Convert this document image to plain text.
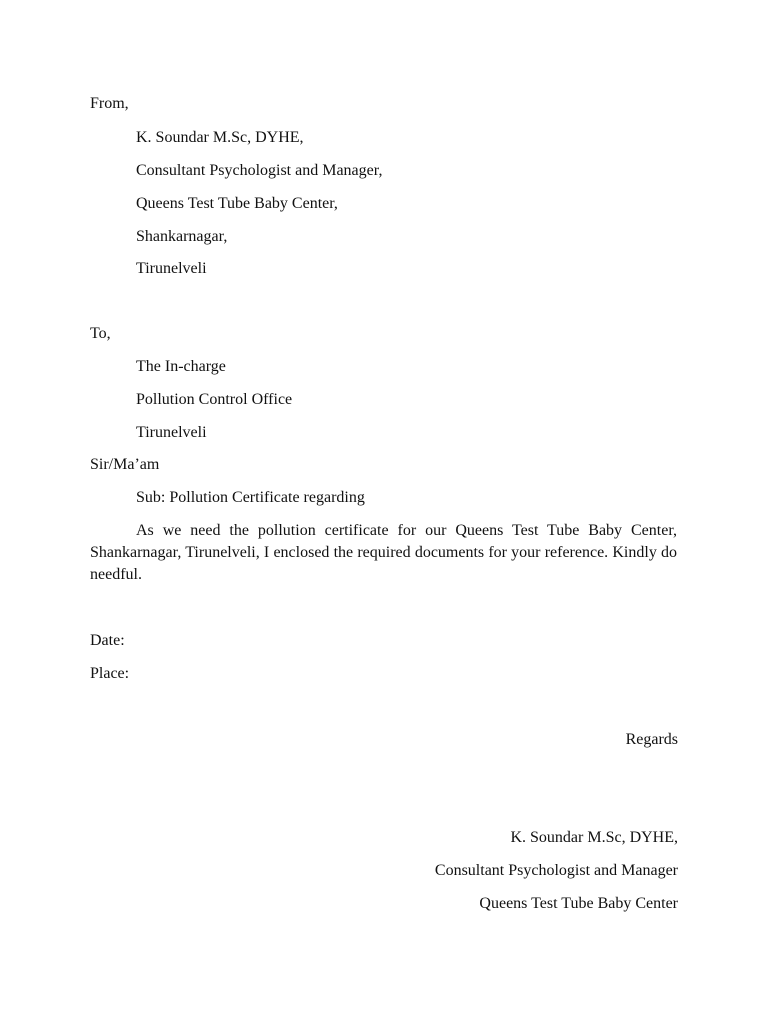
From,
K. Soundar M.Sc, DYHE,
Consultant Psychologist and Manager,
Queens Test Tube Baby Center,
Shankarnagar,
Tirunelveli
To,
The In-charge
Pollution Control Office
Tirunelveli
Sir/Ma’am
Sub: Pollution Certificate regarding
As we need the pollution certificate for our Queens Test Tube Baby Center, Shankarnagar, Tirunelveli, I enclosed the required documents for your reference. Kindly do needful.
Date:
Place:
Regards
K. Soundar M.Sc, DYHE,
Consultant Psychologist and Manager
Queens Test Tube Baby Center
